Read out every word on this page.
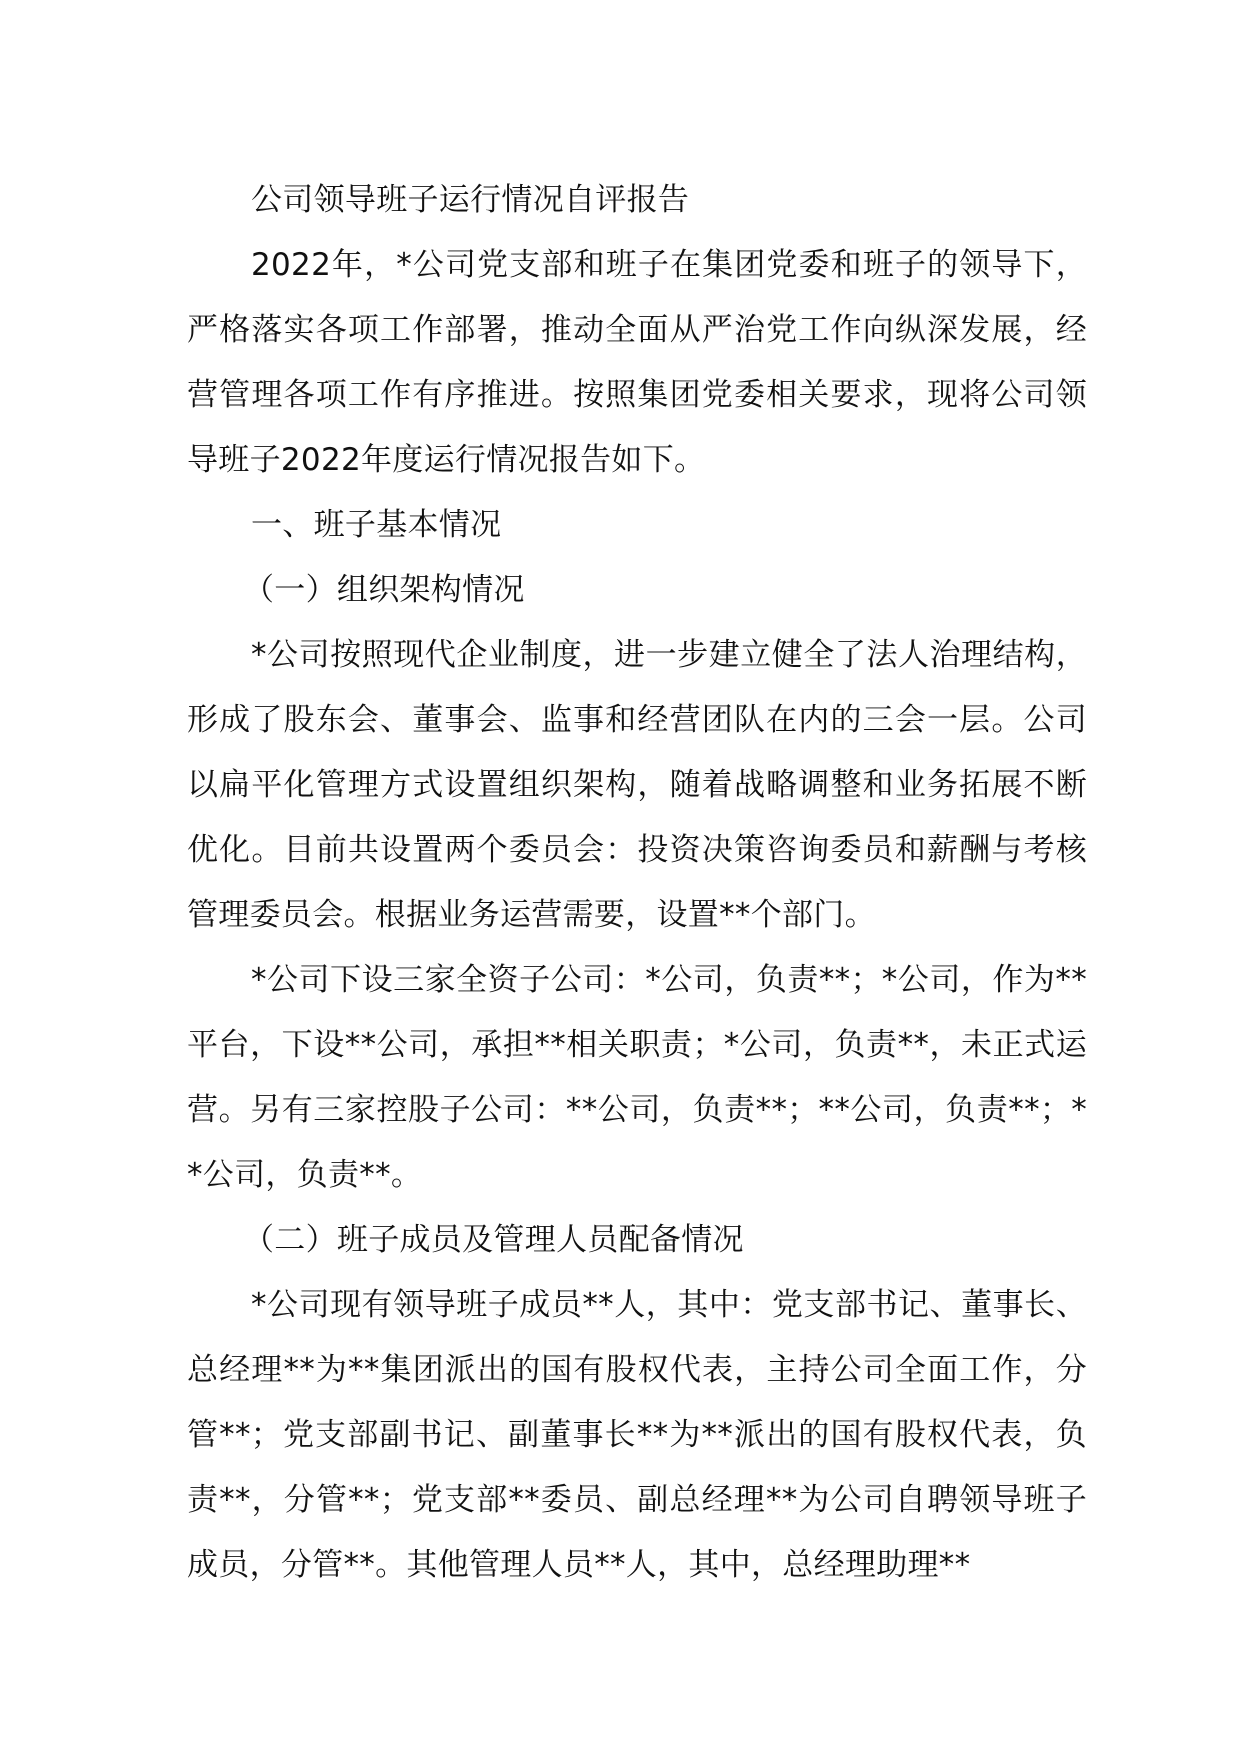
公司领导班子运行情况自评报告

2022年，*公司党支部和班子在集团党委和班子的领导下，严格落实各项工作部署，推动全面从严治党工作向纵深发展，经营管理各项工作有序推进。按照集团党委相关要求，现将公司领导班子2022年度运行情况报告如下。

一、班子基本情况

（一）组织架构情况

*公司按照现代企业制度，进一步建立健全了法人治理结构，形成了股东会、董事会、监事和经营团队在内的三会一层。公司以扁平化管理方式设置组织架构，随着战略调整和业务拓展不断优化。目前共设置两个委员会：投资决策咨询委员和薪酬与考核管理委员会。根据业务运营需要，设置**个部门。

*公司下设三家全资子公司：*公司，负责**；*公司，作为**平台，下设**公司，承担**相关职责；*公司，负责**，未正式运营。另有三家控股子公司：**公司，负责**；**公司，负责**；**公司，负责**。

（二）班子成员及管理人员配备情况

*公司现有领导班子成员**人，其中：党支部书记、董事长、总经理**为**集团派出的国有股权代表，主持公司全面工作，分管**；党支部副书记、副董事长**为**派出的国有股权代表，负责**，分管**；党支部**委员、副总经理**为公司自聘领导班子成员，分管**。其他管理人员**人，其中，总经理助理**
